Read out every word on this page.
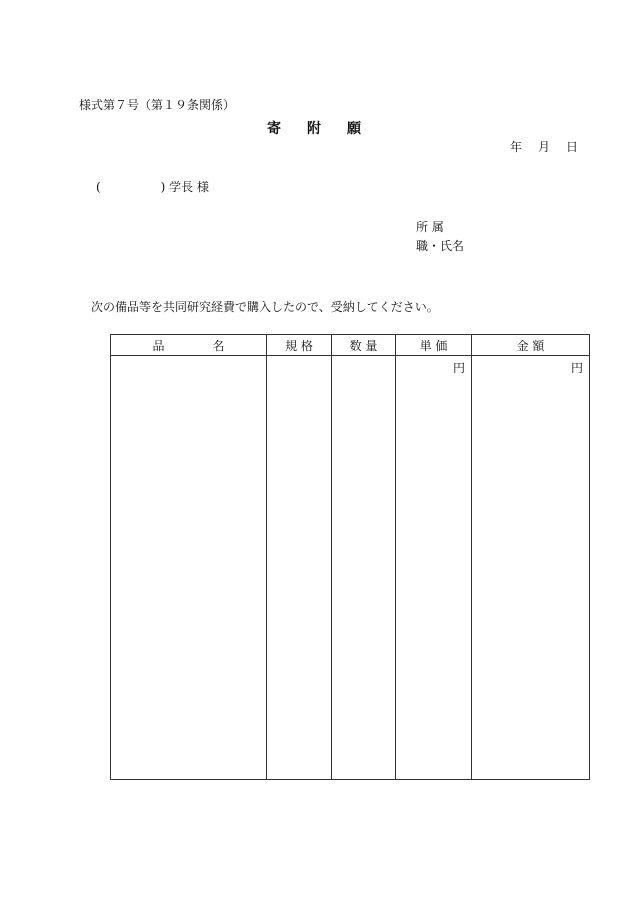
様式第７号（第１９条関係）
寄 附 願
年 月 日
(　　　　　) 学長 様
所 属
職・氏名
次の備品等を共同研究経費で購入したので、受納してください。
品　　　　名	規 格	数 量	単 価	金 額
			円	円
